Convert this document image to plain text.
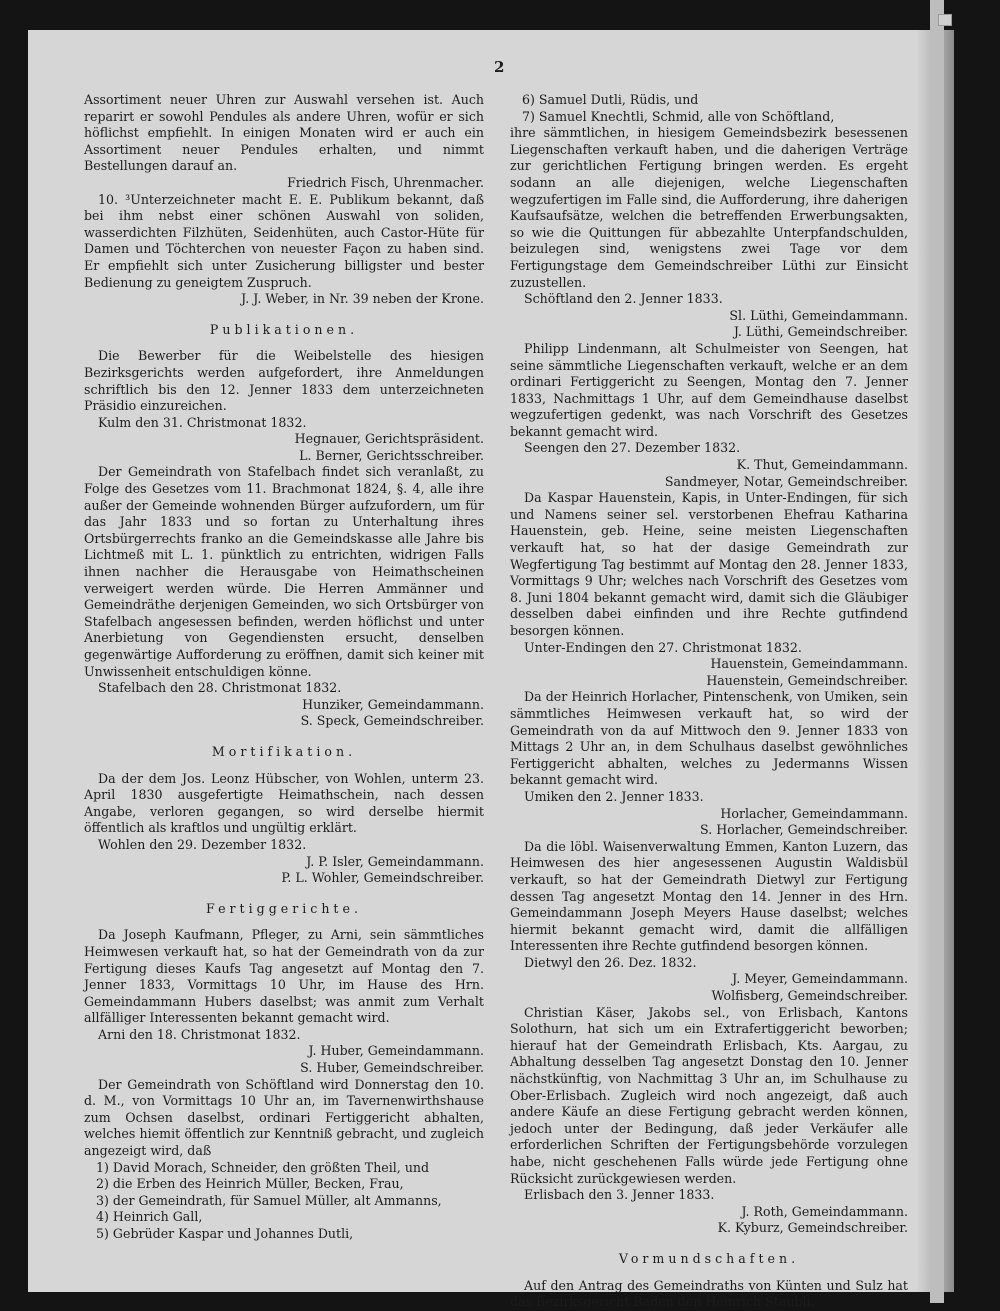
2

Assortiment neuer Uhren zur Auswahl versehen ist. Auch reparirt er sowohl Pendules als andere Uhren, wofür er sich höflichst empfiehlt. In einigen Monaten wird er auch ein Assortiment neuer Pendules erhalten, und nimmt Bestellungen darauf an.

Friedrich Fisch, Uhrenmacher.

10. ³Unterzeichneter macht E. E. Publikum bekannt, daß bei ihm nebst einer schönen Auswahl von soliden, wasserdichten Filzhüten, Seidenhüten, auch Castor-Hüte für Damen und Töchterchen von neuester Façon zu haben sind. Er empfiehlt sich unter Zusicherung billigster und bester Bedienung zu geneigtem Zuspruch.

J. J. Weber, in Nr. 39 neben der Krone.

Publikationen.

Die Bewerber für die Weibelstelle des hiesigen Bezirksgerichts werden aufgefordert, ihre Anmeldungen schriftlich bis den 12. Jenner 1833 dem unterzeichneten Präsidio einzureichen.

Kulm den 31. Christmonat 1832.

Hegnauer, Gerichtspräsident.

L. Berner, Gerichtsschreiber.

Der Gemeindrath von Stafelbach findet sich veranlaßt, zu Folge des Gesetzes vom 11. Brachmonat 1824, §. 4, alle ihre außer der Gemeinde wohnenden Bürger aufzufordern, um für das Jahr 1833 und so fortan zu Unterhaltung ihres Ortsbürgerrechts franko an die Gemeindskasse alle Jahre bis Lichtmeß mit L. 1. pünktlich zu entrichten, widrigen Falls ihnen nachher die Herausgabe von Heimathscheinen verweigert werden würde. Die Herren Ammänner und Gemeindräthe derjenigen Gemeinden, wo sich Ortsbürger von Stafelbach angesessen befinden, werden höflichst und unter Anerbietung von Gegendiensten ersucht, denselben gegenwärtige Aufforderung zu eröffnen, damit sich keiner mit Unwissenheit entschuldigen könne.

Stafelbach den 28. Christmonat 1832.

Hunziker, Gemeindammann.

S. Speck, Gemeindschreiber.

Mortifikation.

Da der dem Jos. Leonz Hübscher, von Wohlen, unterm 23. April 1830 ausgefertigte Heimathschein, nach dessen Angabe, verloren gegangen, so wird derselbe hiermit öffentlich als kraftlos und ungültig erklärt.

Wohlen den 29. Dezember 1832.

J. P. Isler, Gemeindammann.

P. L. Wohler, Gemeindschreiber.

Fertiggerichte.

Da Joseph Kaufmann, Pfleger, zu Arni, sein sämmtliches Heimwesen verkauft hat, so hat der Gemeindrath von da zur Fertigung dieses Kaufs Tag angesetzt auf Montag den 7. Jenner 1833, Vormittags 10 Uhr, im Hause des Hrn. Gemeindammann Hubers daselbst; was anmit zum Verhalt allfälliger Interessenten bekannt gemacht wird.

Arni den 18. Christmonat 1832.

J. Huber, Gemeindammann.

S. Huber, Gemeindschreiber.

Der Gemeindrath von Schöftland wird Donnerstag den 10. d. M., von Vormittags 10 Uhr an, im Tavernenwirthshause zum Ochsen daselbst, ordinari Fertiggericht abhalten, welches hiemit öffentlich zur Kenntniß gebracht, und zugleich angezeigt wird, daß

1) David Morach, Schneider, den größten Theil, und
2) die Erben des Heinrich Müller, Becken, Frau,
3) der Gemeindrath, für Samuel Müller, alt Ammanns,
4) Heinrich Gall,
5) Gebrüder Kaspar und Johannes Dutli,
6) Samuel Dutli, Rüdis, und
7) Samuel Knechtli, Schmid, alle von Schöftland,

ihre sämmtlichen, in hiesigem Gemeindsbezirk besessenen Liegenschaften verkauft haben, und die daherigen Verträge zur gerichtlichen Fertigung bringen werden. Es ergeht sodann an alle diejenigen, welche Liegenschaften wegzufertigen im Falle sind, die Aufforderung, ihre daherigen Kaufsaufsätze, welchen die betreffenden Erwerbungsakten, so wie die Quittungen für abbezahlte Unterpfandschulden, beizulegen sind, wenigstens zwei Tage vor dem Fertigungstage dem Gemeindschreiber Lüthi zur Einsicht zuzustellen.

Schöftland den 2. Jenner 1833.

Sl. Lüthi, Gemeindammann.

J. Lüthi, Gemeindschreiber.

Philipp Lindenmann, alt Schulmeister von Seengen, hat seine sämmtliche Liegenschaften verkauft, welche er an dem ordinari Fertiggericht zu Seengen, Montag den 7. Jenner 1833, Nachmittags 1 Uhr, auf dem Gemeindhause daselbst wegzufertigen gedenkt, was nach Vorschrift des Gesetzes bekannt gemacht wird.

Seengen den 27. Dezember 1832.

K. Thut, Gemeindammann.

Sandmeyer, Notar, Gemeindschreiber.

Da Kaspar Hauenstein, Kapis, in Unter-Endingen, für sich und Namens seiner sel. verstorbenen Ehefrau Katharina Hauenstein, geb. Heine, seine meisten Liegenschaften verkauft hat, so hat der dasige Gemeindrath zur Wegfertigung Tag bestimmt auf Montag den 28. Jenner 1833, Vormittags 9 Uhr; welches nach Vorschrift des Gesetzes vom 8. Juni 1804 bekannt gemacht wird, damit sich die Gläubiger desselben dabei einfinden und ihre Rechte gutfindend besorgen können.

Unter-Endingen den 27. Christmonat 1832.

Hauenstein, Gemeindammann.

Hauenstein, Gemeindschreiber.

Da der Heinrich Horlacher, Pintenschenk, von Umiken, sein sämmtliches Heimwesen verkauft hat, so wird der Gemeindrath von da auf Mittwoch den 9. Jenner 1833 von Mittags 2 Uhr an, in dem Schulhaus daselbst gewöhnliches Fertiggericht abhalten, welches zu Jedermanns Wissen bekannt gemacht wird.

Umiken den 2. Jenner 1833.

Horlacher, Gemeindammann.

S. Horlacher, Gemeindschreiber.

Da die löbl. Waisenverwaltung Emmen, Kanton Luzern, das Heimwesen des hier angesessenen Augustin Waldisbül verkauft, so hat der Gemeindrath Dietwyl zur Fertigung dessen Tag angesetzt Montag den 14. Jenner in des Hrn. Gemeindammann Joseph Meyers Hause daselbst; welches hiermit bekannt gemacht wird, damit die allfälligen Interessenten ihre Rechte gutfindend besorgen können.

Dietwyl den 26. Dez. 1832.

J. Meyer, Gemeindammann.

Wolfisberg, Gemeindschreiber.

Christian Käser, Jakobs sel., von Erlisbach, Kantons Solothurn, hat sich um ein Extrafertiggericht beworben; hierauf hat der Gemeindrath Erlisbach, Kts. Aargau, zu Abhaltung desselben Tag angesetzt Donstag den 10. Jenner nächstkünftig, von Nachmittag 3 Uhr an, im Schulhause zu Ober-Erlisbach. Zugleich wird noch angezeigt, daß auch andere Käufe an diese Fertigung gebracht werden können, jedoch unter der Bedingung, daß jeder Verkäufer alle erforderlichen Schriften der Fertigungsbehörde vorzulegen habe, nicht geschehenen Falls würde jede Fertigung ohne Rücksicht zurückgewiesen werden.

Erlisbach den 3. Jenner 1833.

J. Roth, Gemeindammann.

K. Kyburz, Gemeindschreiber.

Vormundschaften.

Auf den Antrag des Gemeindraths von Künten und Sulz hat das Bezirksgericht Baden den Heinrich Staubli,
